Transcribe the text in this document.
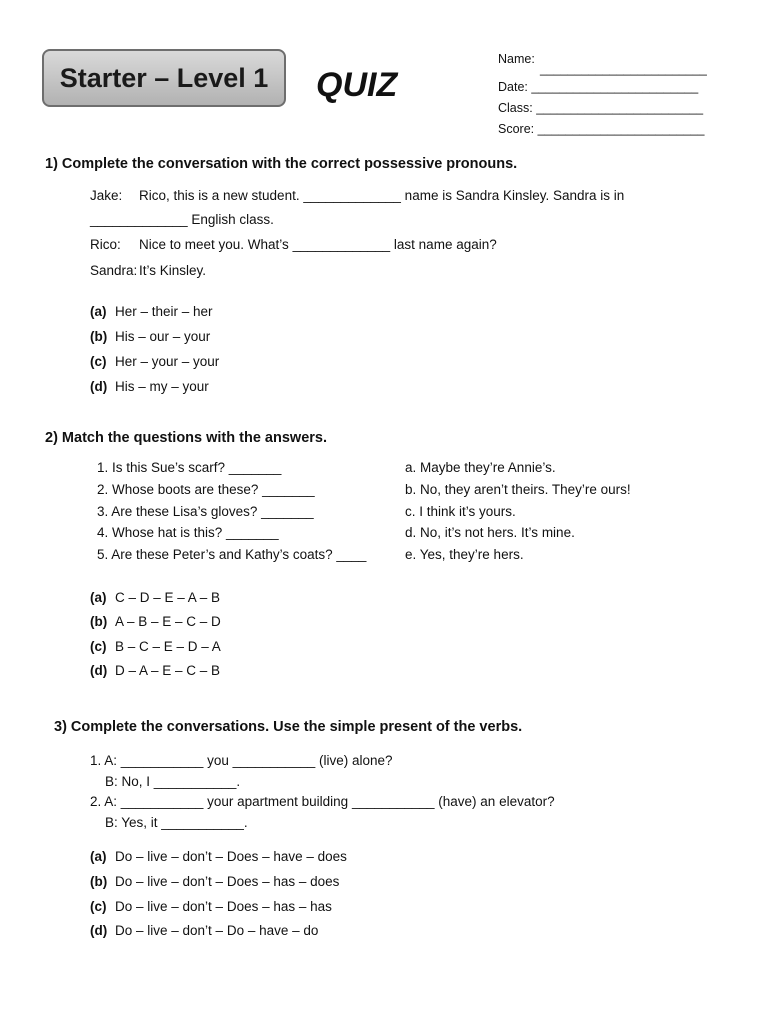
Starter – Level 1	QUIZ
Name:
________________________
Date: ________________________
Class: ________________________
Score: ________________________
1) Complete the conversation with the correct possessive pronouns.
Jake: Rico, this is a new student. _____________ name is Sandra Kinsley. Sandra is in
_____________ English class.
Rico: Nice to meet you. What’s _____________ last name again?
Sandra: It’s Kinsley.
(a) Her – their – her
(b) His – our – your
(c) Her – your – your
(d) His – my – your
2) Match the questions with the answers.
1. Is this Sue’s scarf? _______
2. Whose boots are these? _______
3. Are these Lisa’s gloves? _______
4. Whose hat is this? _______
5. Are these Peter’s and Kathy’s coats? ____
a. Maybe they’re Annie’s.
b. No, they aren’t theirs. They’re ours!
c. I think it’s yours.
d. No, it’s not hers. It’s mine.
e. Yes, they’re hers.
(a) C – D – E – A – B
(b) A – B – E – C – D
(c) B – C – E – D – A
(d) D – A – E – C – B
3) Complete the conversations. Use the simple present of the verbs.
1. A: ___________ you ___________ (live) alone?
B: No, I ___________.
2. A: ___________ your apartment building ___________ (have) an elevator?
B: Yes, it ___________.
(a) Do – live – don’t – Does – have – does
(b) Do – live – don’t – Does – has – does
(c) Do – live – don’t – Does – has – has
(d) Do – live – don’t – Do – have – do
